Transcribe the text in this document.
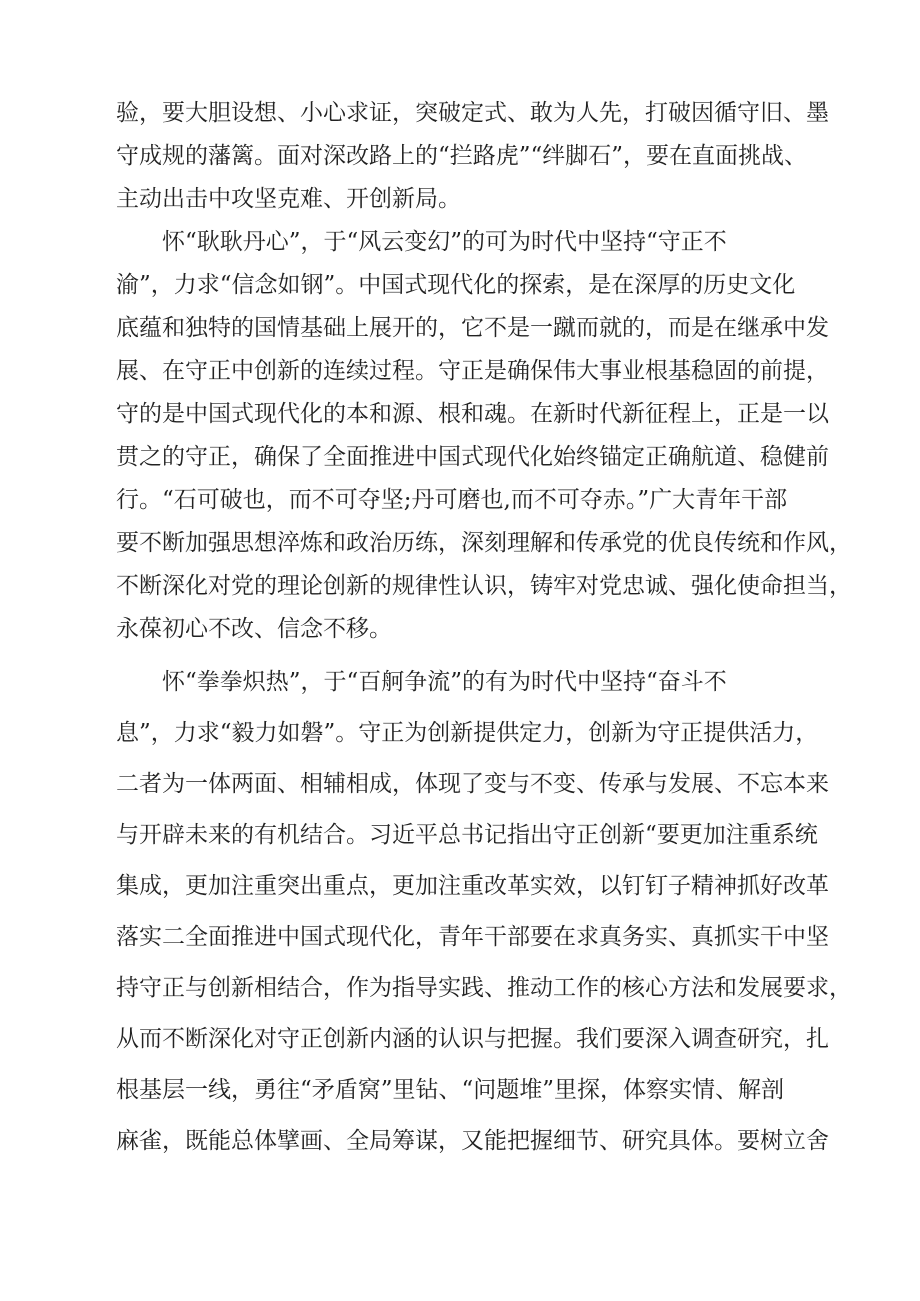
验，要大胆设想、小心求证，突破定式、敢为人先，打破因循守旧、墨

守成规的藩篱。面对深改路上的“拦路虎”“绊脚石”，要在直面挑战、

主动出击中攻坚克难、开创新局。

怀“耿耿丹心”，于“风云变幻”的可为时代中坚持“守正不

渝”，力求“信念如钢”。中国式现代化的探索，是在深厚的历史文化

底蕴和独特的国情基础上展开的，它不是一蹴而就的，而是在继承中发

展、在守正中创新的连续过程。守正是确保伟大事业根基稳固的前提，

守的是中国式现代化的本和源、根和魂。在新时代新征程上，正是一以

贯之的守正，确保了全面推进中国式现代化始终锚定正确航道、稳健前

行。“石可破也，而不可夺坚;丹可磨也,而不可夺赤。”广大青年干部

要不断加强思想淬炼和政治历练，深刻理解和传承党的优良传统和作风，

不断深化对党的理论创新的规律性认识，铸牢对党忠诚、强化使命担当，

永葆初心不改、信念不移。

怀“拳拳炽热”，于“百舸争流”的有为时代中坚持“奋斗不

息”，力求“毅力如磐”。守正为创新提供定力，创新为守正提供活力，

二者为一体两面、相辅相成，体现了变与不变、传承与发展、不忘本来

与开辟未来的有机结合。习近平总书记指出守正创新“要更加注重系统

集成，更加注重突出重点，更加注重改革实效，以钉钉子精神抓好改革

落实二全面推进中国式现代化，青年干部要在求真务实、真抓实干中坚

持守正与创新相结合，作为指导实践、推动工作的核心方法和发展要求，

从而不断深化对守正创新内涵的认识与把握。我们要深入调查研究，扎

根基层一线，勇往“矛盾窝”里钻、“问题堆”里探，体察实情、解剖

麻雀，既能总体擘画、全局筹谋，又能把握细节、研究具体。要树立舍
